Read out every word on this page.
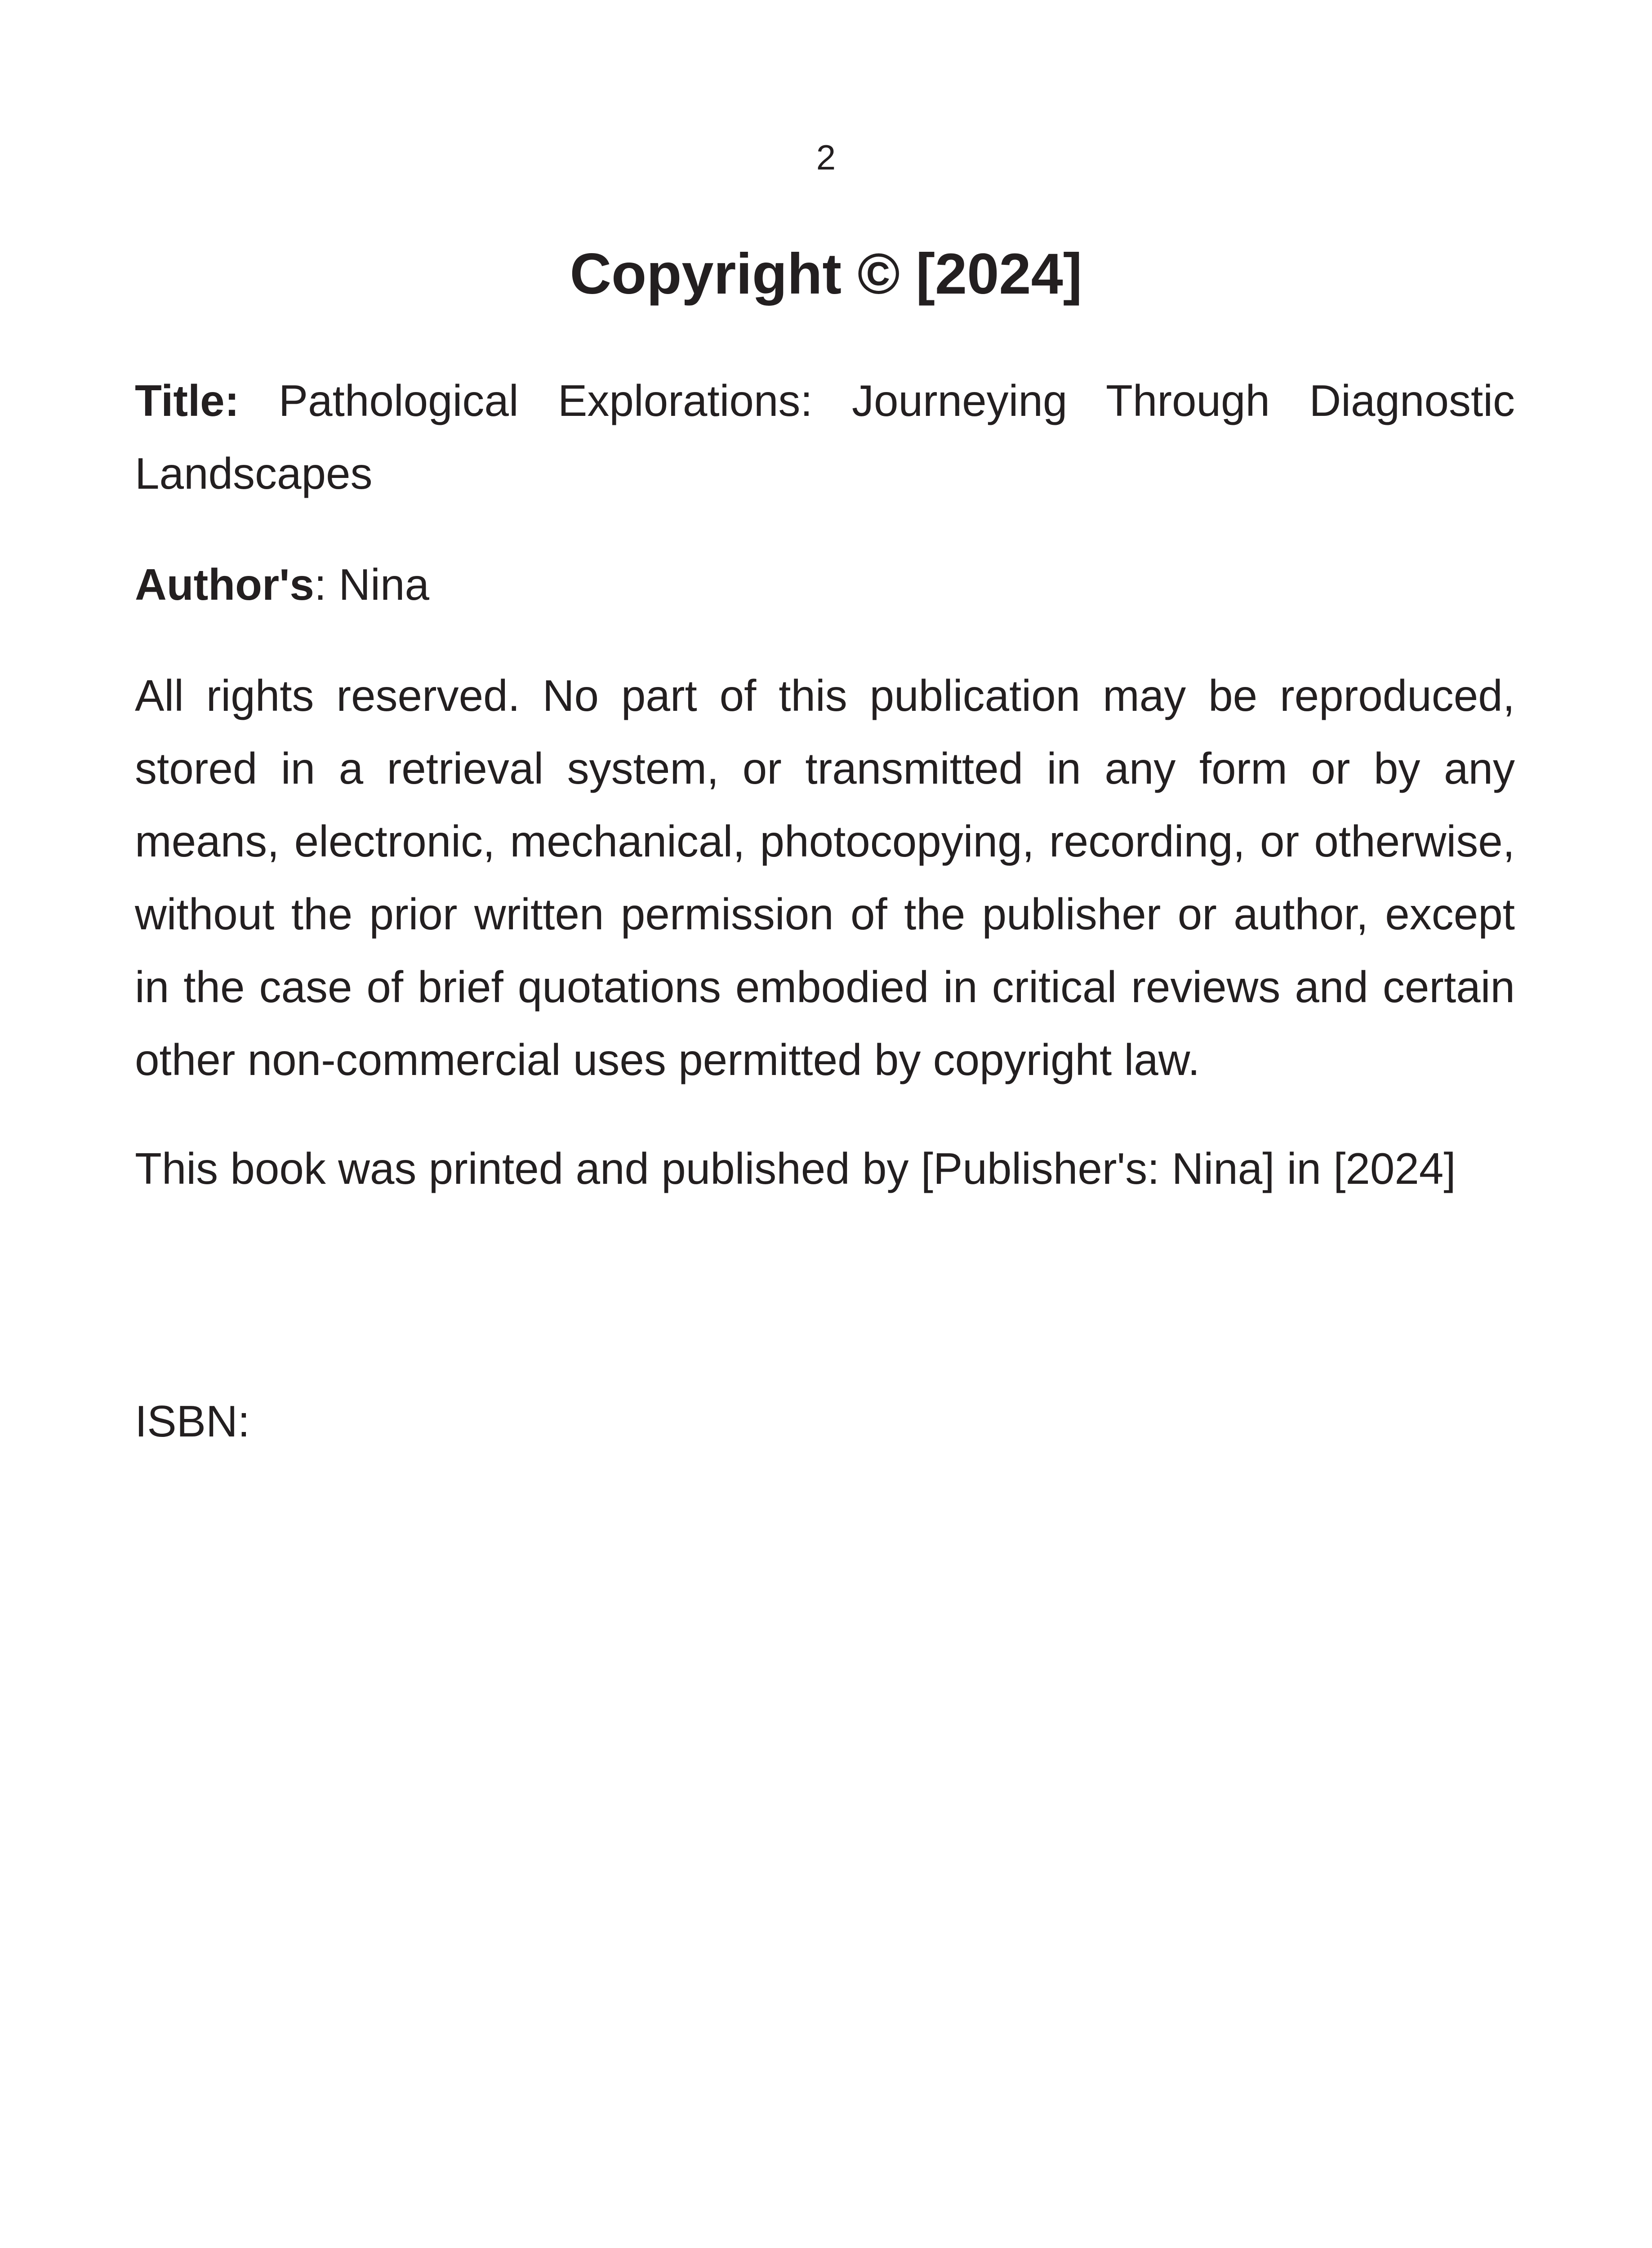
2
Copyright © [2024]

Title: Pathological Explorations: Journeying Through Diagnostic Landscapes

Author's: Nina

All rights reserved. No part of this publication may be reproduced, stored in a retrieval system, or transmitted in any form or by any means, electronic, mechanical, photocopying, recording, or otherwise, without the prior written permission of the publisher or author, except in the case of brief quotations embodied in critical reviews and certain other non-commercial uses permitted by copyright law.

This book was printed and published by [Publisher's: Nina] in [2024]

ISBN:
